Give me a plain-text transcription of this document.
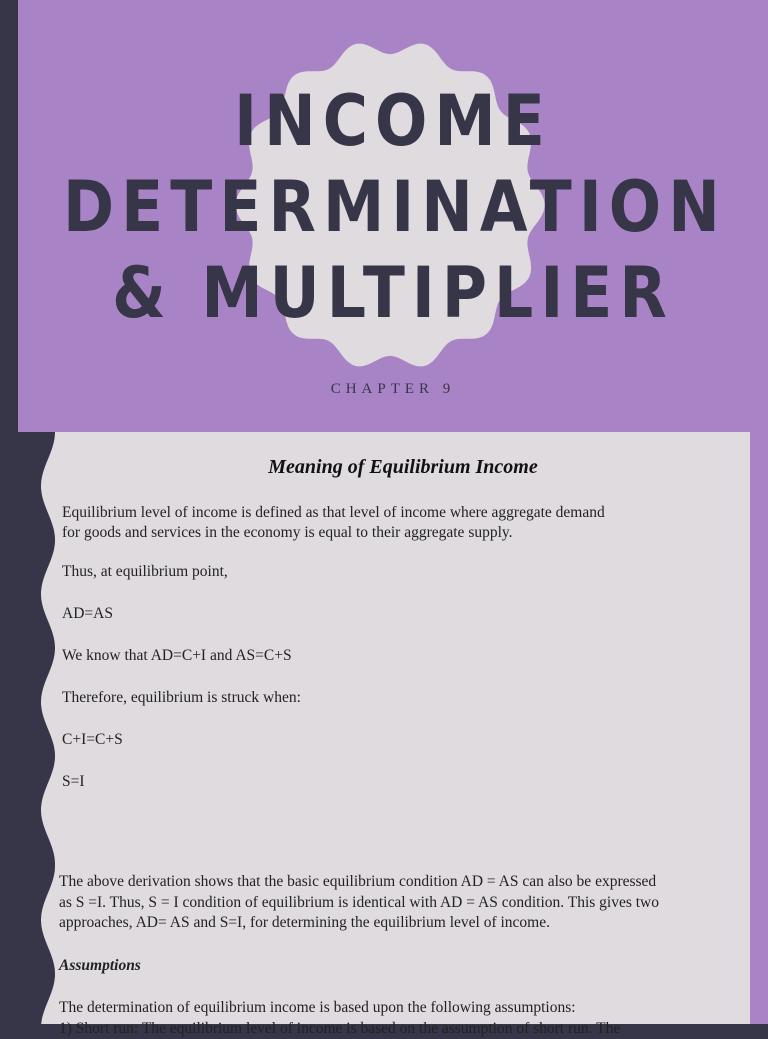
INCOME
DETERMINATION
& MULTIPLIER

CHAPTER 9

Meaning of Equilibrium Income

Equilibrium level of income is defined as that level of income where aggregate demand

for goods and services in the economy is equal to their aggregate supply.

Thus, at equilibrium point,

AD=AS

We know that AD=C+I and AS=C+S

Therefore, equilibrium is struck when:

C+I=C+S

S=I

The above derivation shows that the basic equilibrium condition AD = AS can also be expressed

as S =I. Thus, S = I condition of equilibrium is identical with AD = AS condition. This gives two

approaches, AD= AS and S=I, for determining the equilibrium level of income.

Assumptions

The determination of equilibrium income is based upon the following assumptions:

1) Short run: The equilibrium level of income is based on the assumption of short run. The
